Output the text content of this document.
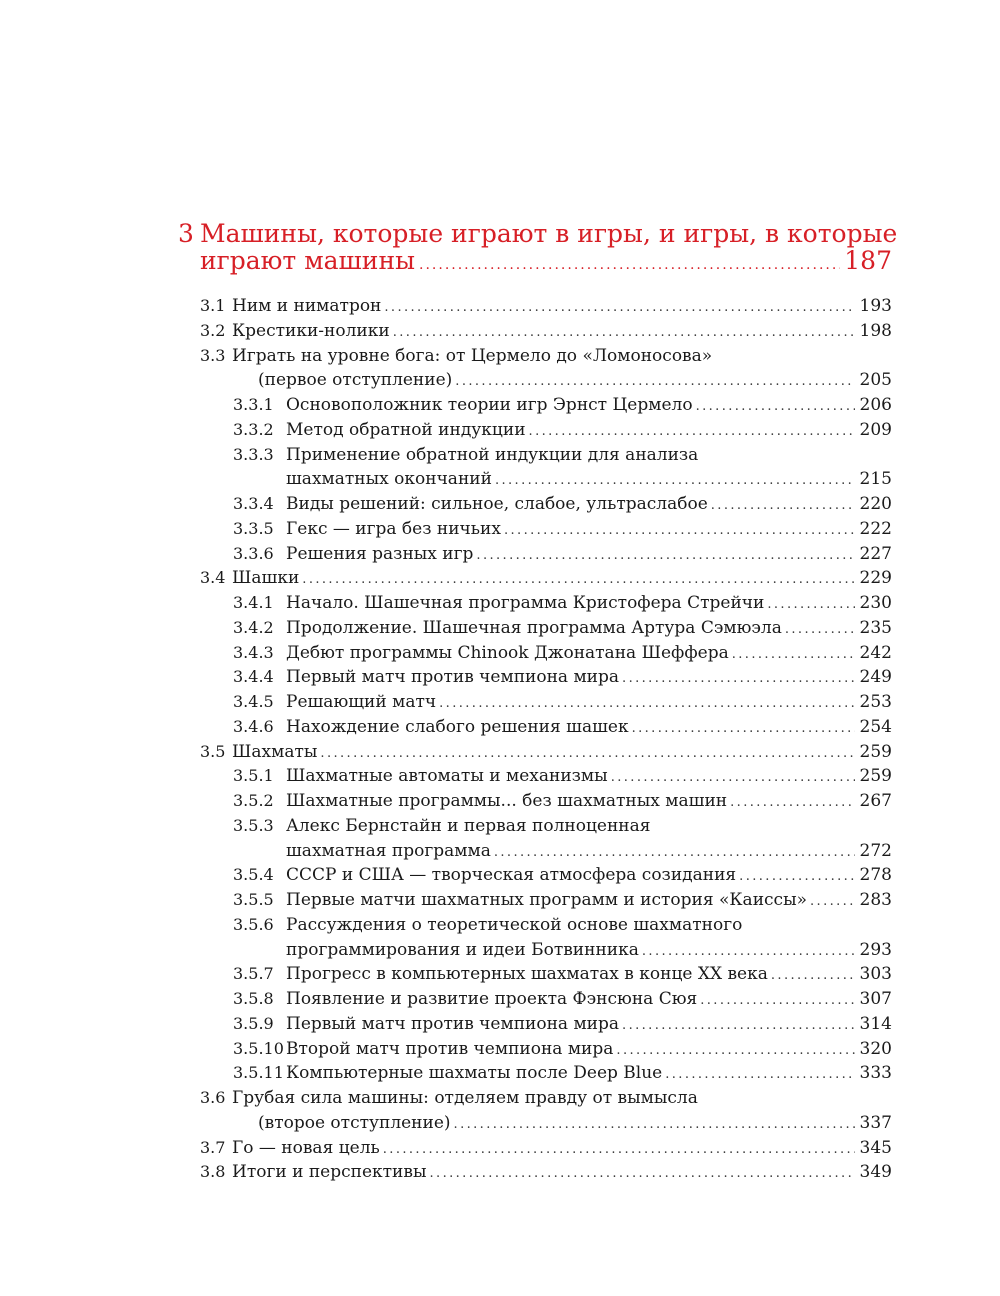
3 Машины, которые играют в игры, и игры, в которые
играют машины .....	187
3.1 Ним и ниматрон .....	193
3.2 Крестики-нолики .....	198
3.3 Играть на уровне бога: от Цермело до «Ломоносова»
(первое отступление) .....	205
3.3.1 Основоположник теории игр Эрнст Цермело .....	206
3.3.2 Метод обратной индукции .....	209
3.3.3 Применение обратной индукции для анализа
шахматных окончаний .....	215
3.3.4 Виды решений: сильное, слабое, ультраслабое .....	220
3.3.5 Гекс — игра без ничьих .....	222
3.3.6 Решения разных игр .....	227
3.4 Шашки .....	229
3.4.1 Начало. Шашечная программа Кристофера Стрейчи .....	230
3.4.2 Продолжение. Шашечная программа Артура Сэмюэла .....	235
3.4.3 Дебют программы Chinook Джонатана Шеффера .....	242
3.4.4 Первый матч против чемпиона мира .....	249
3.4.5 Решающий матч .....	253
3.4.6 Нахождение слабого решения шашек .....	254
3.5 Шахматы .....	259
3.5.1 Шахматные автоматы и механизмы .....	259
3.5.2 Шахматные программы... без шахматных машин .....	267
3.5.3 Алекс Бернстайн и первая полноценная
шахматная программа .....	272
3.5.4 СССР и США — творческая атмосфера созидания .....	278
3.5.5 Первые матчи шахматных программ и история «Каиссы» .....	283
3.5.6 Рассуждения о теоретической основе шахматного
программирования и идеи Ботвинника .....	293
3.5.7 Прогресс в компьютерных шахматах в конце XX века .....	303
3.5.8 Появление и развитие проекта Фэнсюна Сюя .....	307
3.5.9 Первый матч против чемпиона мира .....	314
3.5.10 Второй матч против чемпиона мира .....	320
3.5.11 Компьютерные шахматы после Deep Blue .....	333
3.6 Грубая сила машины: отделяем правду от вымысла
(второе отступление) .....	337
3.7 Го — новая цель .....	345
3.8 Итоги и перспективы .....	349
